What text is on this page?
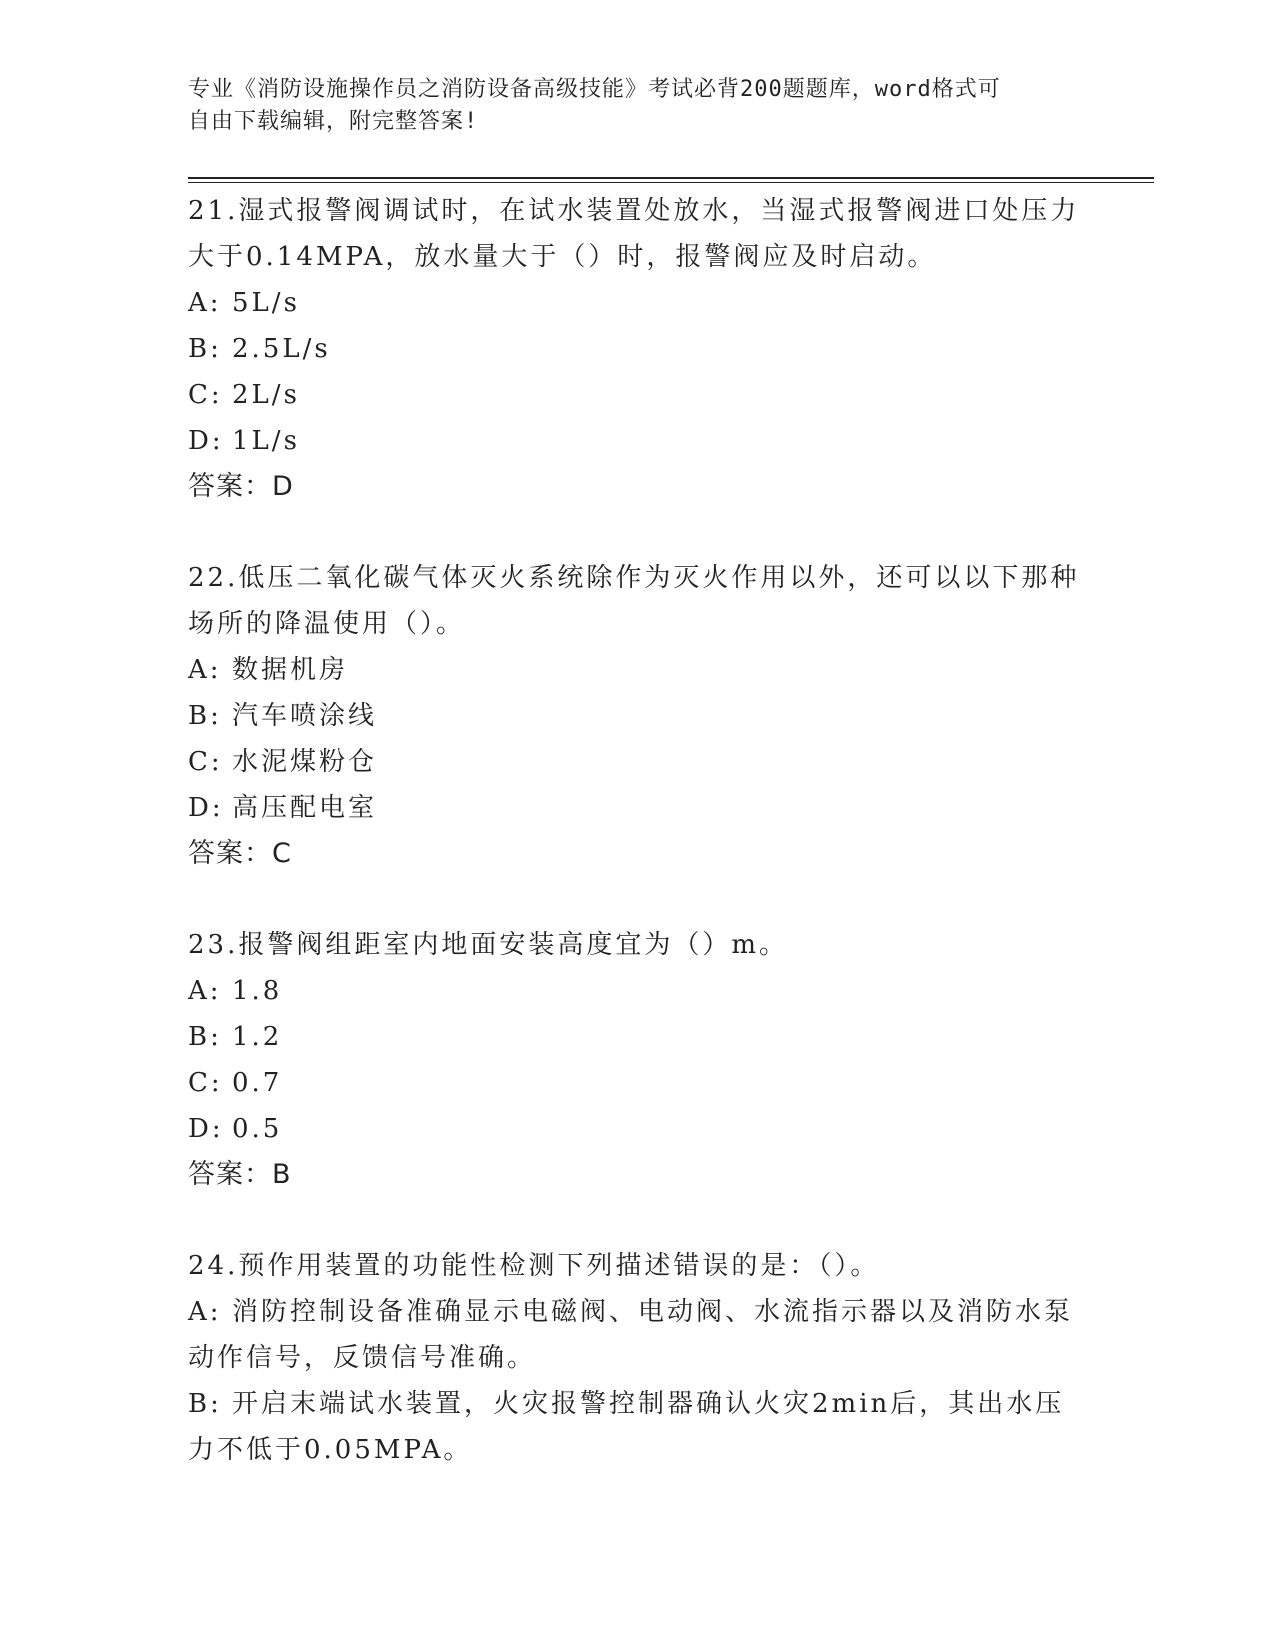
专业《消防设施操作员之消防设备高级技能》考试必背200题题库，word格式可
自由下载编辑，附完整答案!

21.湿式报警阀调试时，在试水装置处放水，当湿式报警阀进口处压力

大于0.14MPA，放水量大于（）时，报警阀应及时启动。

A: 5L/s

B: 2.5L/s

C: 2L/s

D: 1L/s

答案：D

22.低压二氧化碳气体灭火系统除作为灭火作用以外，还可以以下那种

场所的降温使用（）。

A: 数据机房

B: 汽车喷涂线

C: 水泥煤粉仓

D: 高压配电室

答案：C

23.报警阀组距室内地面安装高度宜为（）m。

A: 1.8

B: 1.2

C: 0.7

D: 0.5

答案：B

24.预作用装置的功能性检测下列描述错误的是：（）。

A: 消防控制设备准确显示电磁阀、电动阀、水流指示器以及消防水泵

动作信号，反馈信号准确。

B: 开启末端试水装置，火灾报警控制器确认火灾2min后，其出水压

力不低于0.05MPA。
